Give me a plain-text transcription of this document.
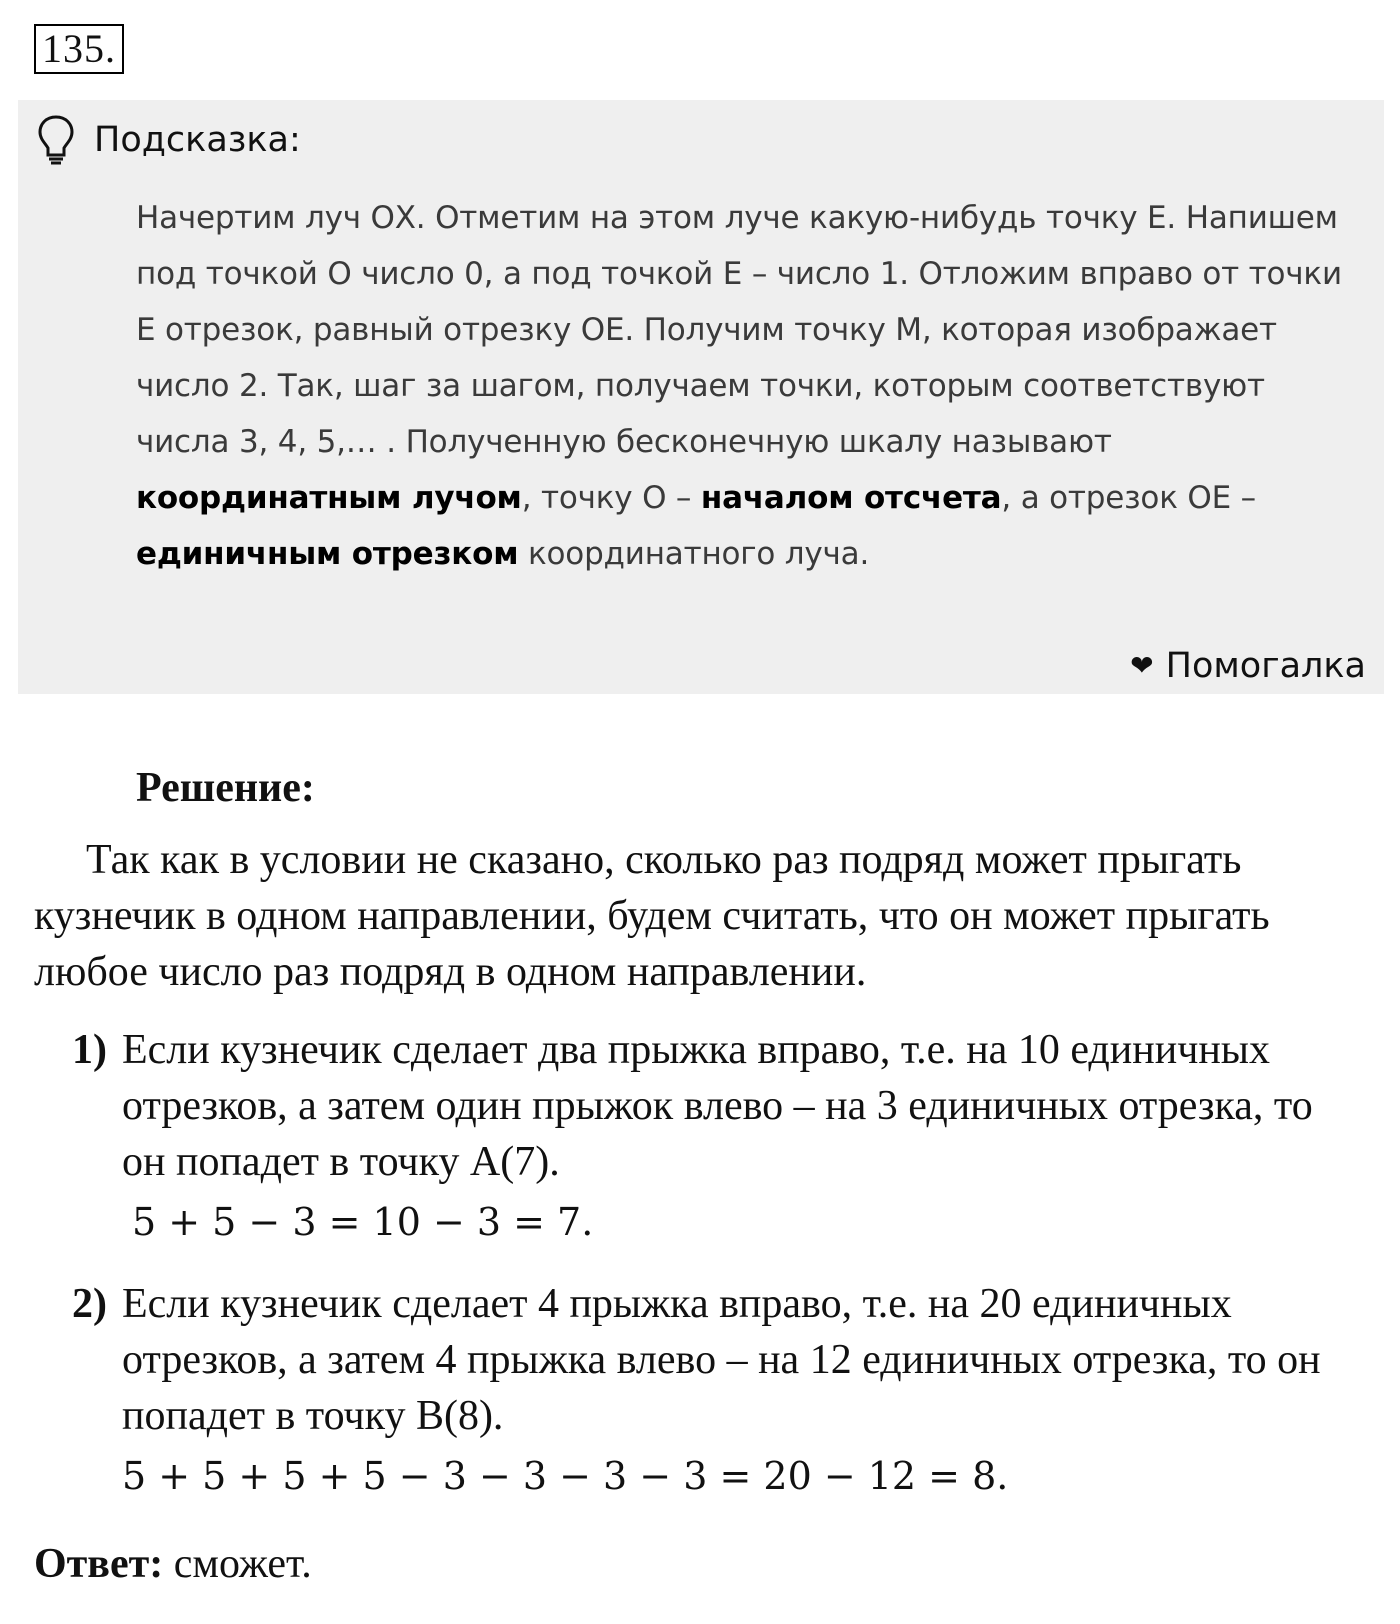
135.
Подсказка:

Начертим луч ОХ. Отметим на этом луче какую-нибудь точку Е. Напишем под точкой О число 0, а под точкой Е – число 1. Отложим вправо от точки Е отрезок, равный отрезку ОЕ. Получим точку М, которая изображает число 2. Так, шаг за шагом, получаем точки, которым соответствуют числа 3, 4, 5,… . Полученную бесконечную шкалу называют координатным лучом, точку О – началом отсчета, а отрезок ОЕ – единичным отрезком координатного луча.

❤ Помогалка

Решение:

Так как в условии не сказано, сколько раз подряд может прыгать кузнечик в одном направлении, будем считать, что он может прыгать любое число раз подряд в одном направлении.

1) Если кузнечик сделает два прыжка вправо, т.е. на 10 единичных отрезков, а затем один прыжок влево – на 3 единичных отрезка, то он попадет в точку А(7).
5 + 5 − 3 = 10 − 3 = 7.
2) Если кузнечик сделает 4 прыжка вправо, т.е. на 20 единичных отрезков, а затем 4 прыжка влево – на 12 единичных отрезка, то он попадет в точку В(8).
5 + 5 + 5 + 5 − 3 − 3 − 3 − 3 = 20 − 12 = 8.

Ответ: сможет.
